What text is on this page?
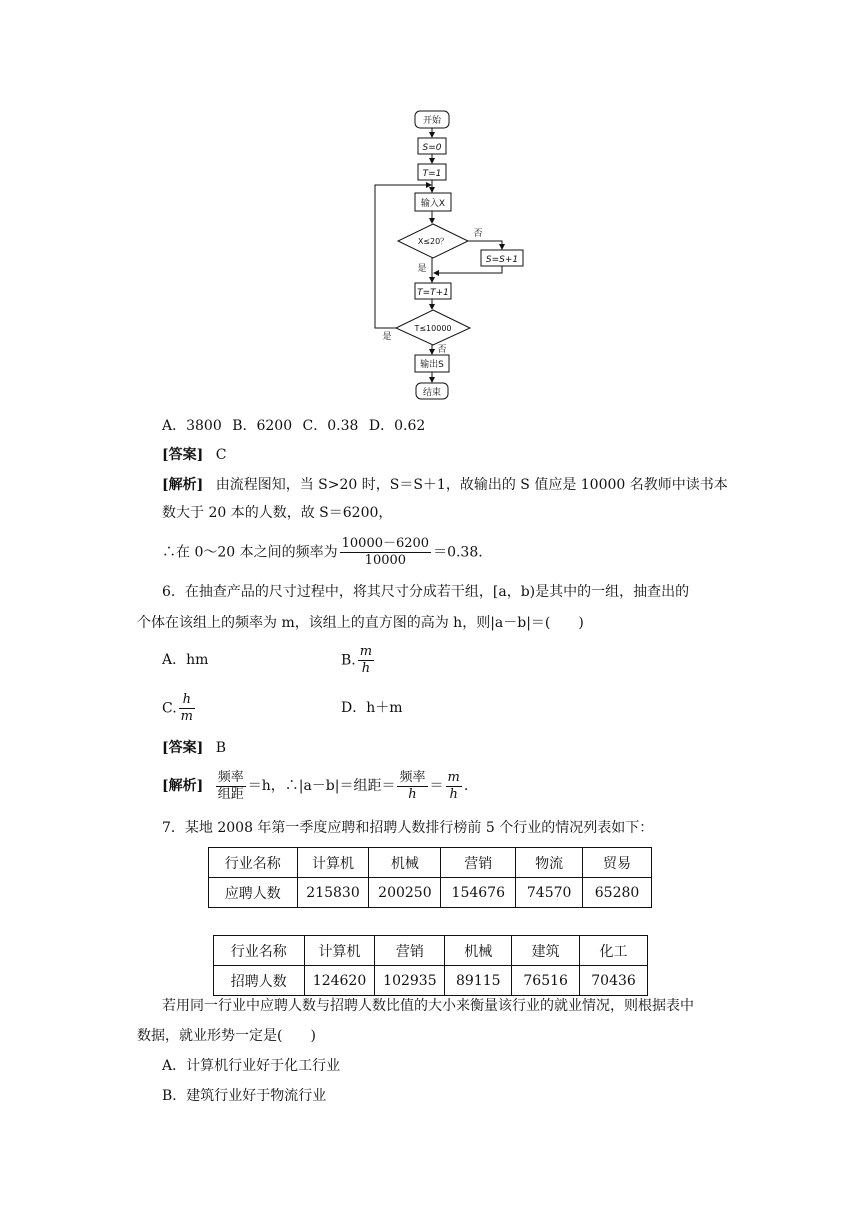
开始
S=0
T=1
输入X
X≤20？
否
是
S=S+1
T=T+1
T≤10000
是
否
输出S
结束
A．3800 B．6200 C．0.38 D．0.62
[答案] C
[解析] 由流程图知，当 S>20 时，S＝S＋1，故输出的 S 值应是 10000 名教师中读书本
数大于 20 本的人数，故 S＝6200，
∴在 0～20 本之间的频率为 $\frac{10000-6200}{10000} =0.38$.
6．在抽查产品的尺寸过程中，将其尺寸分成若干组，[a，b)是其中的一组，抽查出的
个体在该组上的频率为 m，该组上的直方图的高为 h，则|a－b|＝(　　)
A．hm	B. $\frac{m}{h}$
C. $\frac{h}{m}$	D．h＋m
[答案] B
[解析] $\frac{\text{频率}}{\text{组距}} =h$，∴|a－b|＝组距＝ $\frac{\text{频率}}{h} = \frac{m}{h}$ .
7．某地 2008 年第一季度应聘和招聘人数排行榜前 5 个行业的情况列表如下：
行业名称	计算机	机械	营销	物流	贸易
应聘人数	215830	200250	154676	74570	65280
行业名称	计算机	营销	机械	建筑	化工
招聘人数	124620	102935	89115	76516	70436
若用同一行业中应聘人数与招聘人数比值的大小来衡量该行业的就业情况，则根据表中
数据，就业形势一定是(　　)
A．计算机行业好于化工行业
B．建筑行业好于物流行业
